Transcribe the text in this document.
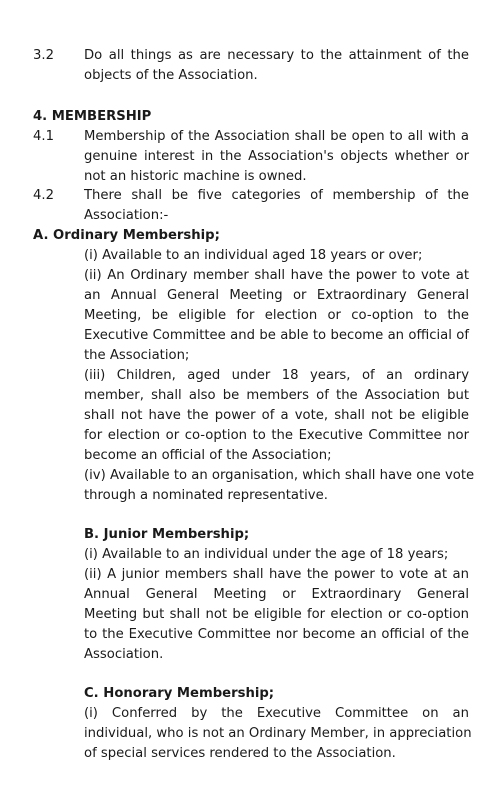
3.2 Do all things as are necessary to the attainment of the
objects of the Association.
4. MEMBERSHIP
4.1 Membership of the Association shall be open to all with a
genuine interest in the Association's objects whether or
not an historic machine is owned.
4.2 There shall be five categories of membership of the
Association:-
A. Ordinary Membership;
(i) Available to an individual aged 18 years or over;
(ii) An Ordinary member shall have the power to vote at
an Annual General Meeting or Extraordinary General
Meeting, be eligible for election or co-option to the
Executive Committee and be able to become an official of
the Association;
(iii) Children, aged under 18 years, of an ordinary
member, shall also be members of the Association but
shall not have the power of a vote, shall not be eligible
for election or co-option to the Executive Committee nor
become an official of the Association;
(iv) Available to an organisation, which shall have one vote
through a nominated representative.
B. Junior Membership;
(i) Available to an individual under the age of 18 years;
(ii) A junior members shall have the power to vote at an
Annual General Meeting or Extraordinary General
Meeting but shall not be eligible for election or co-option
to the Executive Committee nor become an official of the
Association.
C. Honorary Membership;
(i) Conferred by the Executive Committee on an
individual, who is not an Ordinary Member, in appreciation
of special services rendered to the Association.
